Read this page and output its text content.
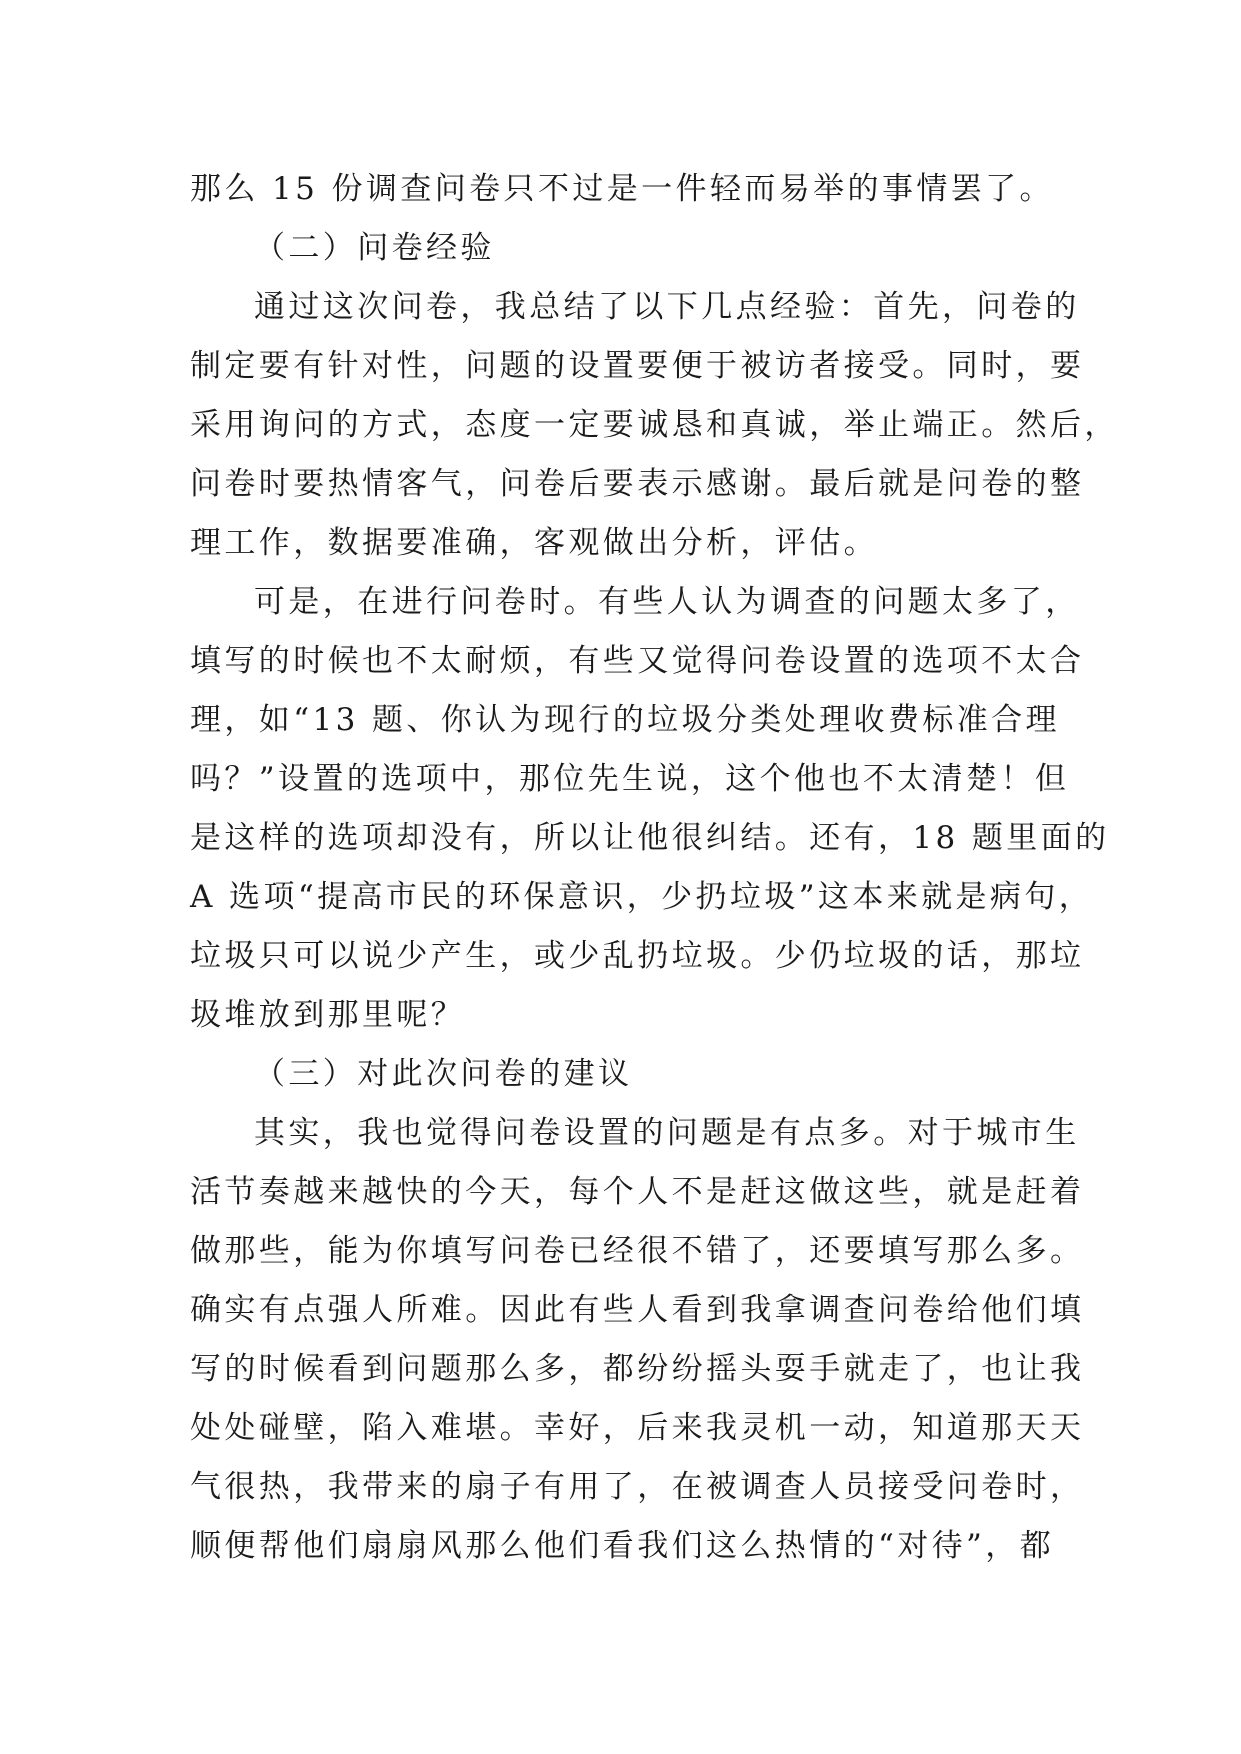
那么 15 份调查问卷只不过是一件轻而易举的事情罢了。
（二）问卷经验
通过这次问卷，我总结了以下几点经验：首先，问卷的
制定要有针对性，问题的设置要便于被访者接受。同时，要
采用询问的方式，态度一定要诚恳和真诚，举止端正。然后，
问卷时要热情客气，问卷后要表示感谢。最后就是问卷的整
理工作，数据要准确，客观做出分析，评估。
可是，在进行问卷时。有些人认为调查的问题太多了，
填写的时候也不太耐烦，有些又觉得问卷设置的选项不太合
理，如“13 题、你认为现行的垃圾分类处理收费标准合理
吗？”设置的选项中，那位先生说，这个他也不太清楚！但
是这样的选项却没有，所以让他很纠结。还有，18 题里面的
A 选项“提高市民的环保意识，少扔垃圾”这本来就是病句，
垃圾只可以说少产生，或少乱扔垃圾。少仍垃圾的话，那垃
圾堆放到那里呢？
（三）对此次问卷的建议
其实，我也觉得问卷设置的问题是有点多。对于城市生
活节奏越来越快的今天，每个人不是赶这做这些，就是赶着
做那些，能为你填写问卷已经很不错了，还要填写那么多。
确实有点强人所难。因此有些人看到我拿调查问卷给他们填
写的时候看到问题那么多，都纷纷摇头耍手就走了，也让我
处处碰壁，陷入难堪。幸好，后来我灵机一动，知道那天天
气很热，我带来的扇子有用了，在被调查人员接受问卷时，
顺便帮他们扇扇风那么他们看我们这么热情的“对待”，都
